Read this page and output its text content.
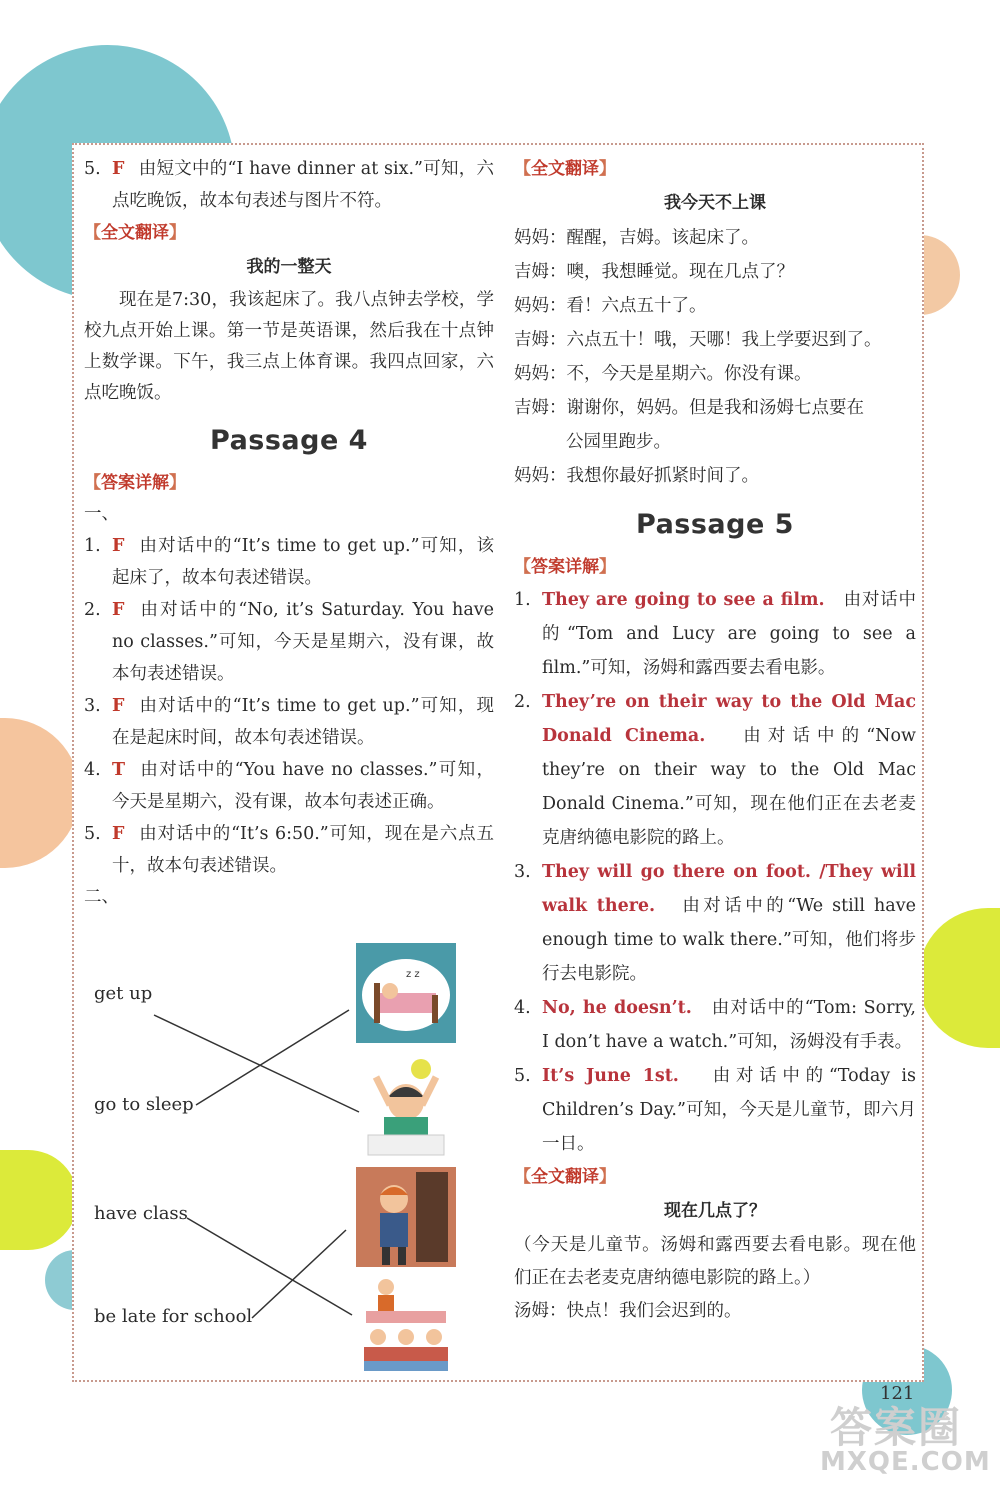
5. F 由短文中的“I have dinner at six.”可知，六点吃晚饭，故本句表述与图片不符。

【全文翻译】
我的一整天

现在是7:30，我该起床了。我八点钟去学校，学校九点开始上课。第一节是英语课，然后我在十点钟上数学课。下午，我三点上体育课。我四点回家，六点吃晚饭。

Passage 4
【答案详解】

一、

1. F 由对话中的“It’s time to get up.”可知，该起床了，故本句表述错误。

2. F 由对话中的“No, it’s Saturday. You have no classes.”可知，今天是星期六，没有课，故本句表述错误。

3. F 由对话中的“It’s time to get up.”可知，现在是起床时间，故本句表述错误。

4. T 由对话中的“You have no classes.”可知，今天是星期六，没有课，故本句表述正确。

5. F 由对话中的“It’s 6:50.”可知，现在是六点五十，故本句表述错误。

二、

get up
go to sleep
have class
be late for school
z z
【全文翻译】
我今天不上课

妈妈：醒醒，吉姆。该起床了。

吉姆：噢，我想睡觉。现在几点了？

妈妈：看！六点五十了。

吉姆：六点五十！哦，天哪！我上学要迟到了。

妈妈：不，今天是星期六。你没有课。

吉姆：谢谢你，妈妈。但是我和汤姆七点要在
公园里跑步。

妈妈：我想你最好抓紧时间了。

Passage 5
【答案详解】

1. They are going to see a film. 由对话中的“Tom and Lucy are going to see a film.”可知，汤姆和露西要去看电影。

2. They’re on their way to the Old Mac Donald Cinema. 由对话中的“Now they’re on their way to the Old Mac Donald Cinema.”可知，现在他们正在去老麦克唐纳德电影院的路上。

3. They will go there on foot. /They will walk there. 由对话中的“We still have enough time to walk there.”可知，他们将步行去电影院。

4. No, he doesn’t. 由对话中的“Tom: Sorry, I don’t have a watch.”可知，汤姆没有手表。

5. It’s June 1st. 由对话中的“Today is Children’s Day.”可知，今天是儿童节，即六月一日。

【全文翻译】
现在几点了？

（今天是儿童节。汤姆和露西要去看电影。现在他们正在去老麦克唐纳德电影院的路上。）

汤姆：快点！我们会迟到的。

121
答案圈
MXQE.COM
